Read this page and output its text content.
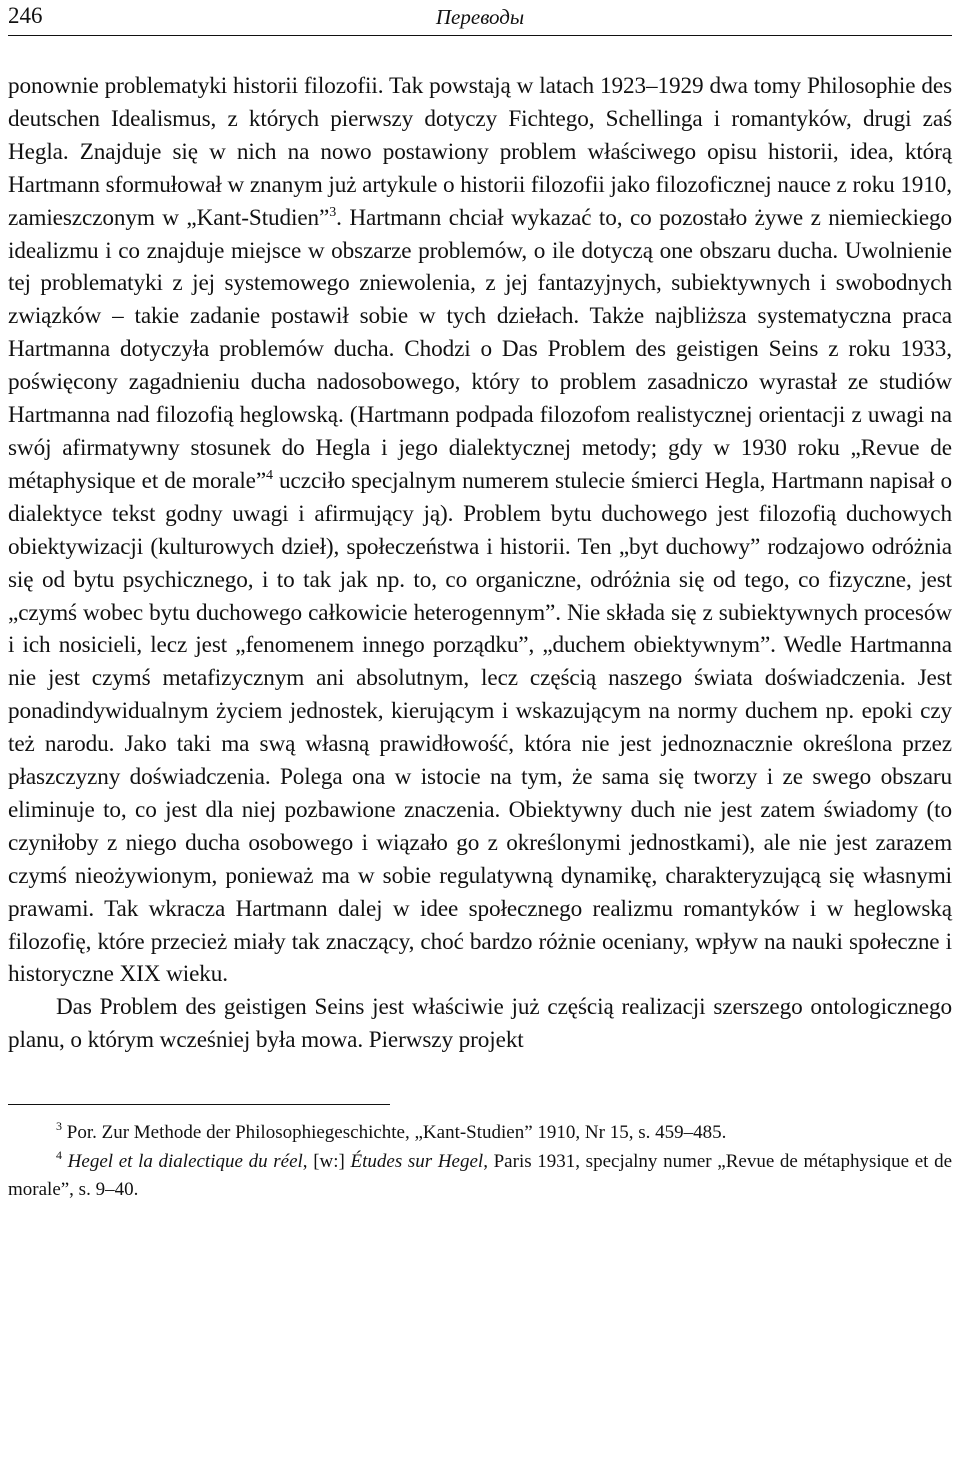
246	Переводы

ponownie problematyki historii filozofii. Tak powstają w latach 1923–1929 dwa tomy Philosophie des deutschen Idealismus, z których pierwszy dotyczy Fichtego, Schellinga i romantyków, drugi zaś Hegla. Znajduje się w nich na nowo postawiony problem właściwego opisu historii, idea, którą Hartmann sformułował w znanym już artykule o historii filozofii jako filozoficznej nauce z roku 1910, zamieszczonym w „Kant-Studien”$^3$. Hartmann chciał wykazać to, co pozostało żywe z niemieckiego idealizmu i co znajduje miejsce w obszarze problemów, o ile dotyczą one obszaru ducha. Uwolnienie tej problematyki z jej systemowego zniewolenia, z jej fantazyjnych, subiektywnych i swobodnych związków – takie zadanie postawił sobie w tych dziełach. Także najbliższa systematyczna praca Hartmanna dotyczyła problemów ducha. Chodzi o Das Problem des geistigen Seins z roku 1933, poświęcony zagadnieniu ducha nadosobowego, który to problem zasadniczo wyrastał ze studiów Hartmanna nad filozofią heglowską. (Hartmann podpada filozofom realistycznej orientacji z uwagi na swój afirmatywny stosunek do Hegla i jego dialektycznej metody; gdy w 1930 roku „Revue de métaphysique et de morale”$^4$ uczciło specjalnym numerem stulecie śmierci Hegla, Hartmann napisał o dialektyce tekst godny uwagi i afirmujący ją). Problem bytu duchowego jest filozofią duchowych obiektywizacji (kulturowych dzieł), społeczeństwa i historii. Ten „byt duchowy” rodzajowo odróżnia się od bytu psychicznego, i to tak jak np. to, co organiczne, odróżnia się od tego, co fizyczne, jest „czymś wobec bytu duchowego całkowicie heterogennym”. Nie składa się z subiektywnych procesów i ich nosicieli, lecz jest „fenomenem innego porządku”, „duchem obiektywnym”. Wedle Hartmanna nie jest czymś metafizycznym ani absolutnym, lecz częścią naszego świata doświadczenia. Jest ponadindywidualnym życiem jednostek, kierującym i wskazującym na normy duchem np. epoki czy też narodu. Jako taki ma swą własną prawidłowość, która nie jest jednoznacznie określona przez płaszczyzny doświadczenia. Polega ona w istocie na tym, że sama się tworzy i ze swego obszaru eliminuje to, co jest dla niej pozbawione znaczenia. Obiektywny duch nie jest zatem świadomy (to czyniłoby z niego ducha osobowego i wiązało go z określonymi jednostkami), ale nie jest zarazem czymś nieożywionym, ponieważ ma w sobie regulatywną dynamikę, charakteryzującą się własnymi prawami. Tak wkracza Hartmann dalej w idee społecznego realizmu romantyków i w heglowską filozofię, które przecież miały tak znaczący, choć bardzo różnie oceniany, wpływ na nauki społeczne i historyczne XIX wieku.

Das Problem des geistigen Seins jest właściwie już częścią realizacji szerszego ontologicznego planu, o którym wcześniej była mowa. Pierwszy projekt

$^3$ Por. Zur Methode der Philosophiegeschichte, „Kant-Studien” 1910, Nr 15, s. 459–485.

$^4$ Hegel et la dialectique du réel, [w:] Études sur Hegel, Paris 1931, specjalny numer „Revue de métaphysique et de morale”, s. 9–40.
